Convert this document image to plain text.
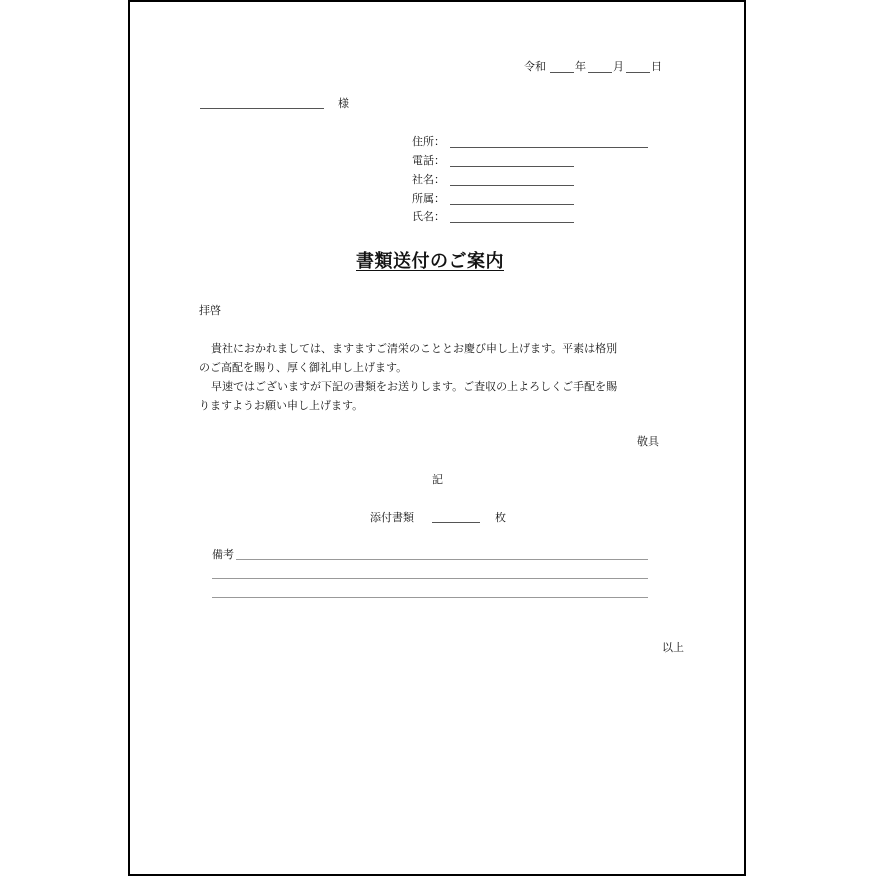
令和	年 月 日
様
住所：
電話：
社名：
所属：
氏名：
書類送付のご案内
拝啓
貴社におかれましては、ますますご清栄のこととお慶び申し上げます。平素は格別
のご高配を賜り、厚く御礼申し上げます。
早速ではございますが下記の書類をお送りします。ご査収の上よろしくご手配を賜
りますようお願い申し上げます。
敬具
記
添付書類	枚
備考
以上
